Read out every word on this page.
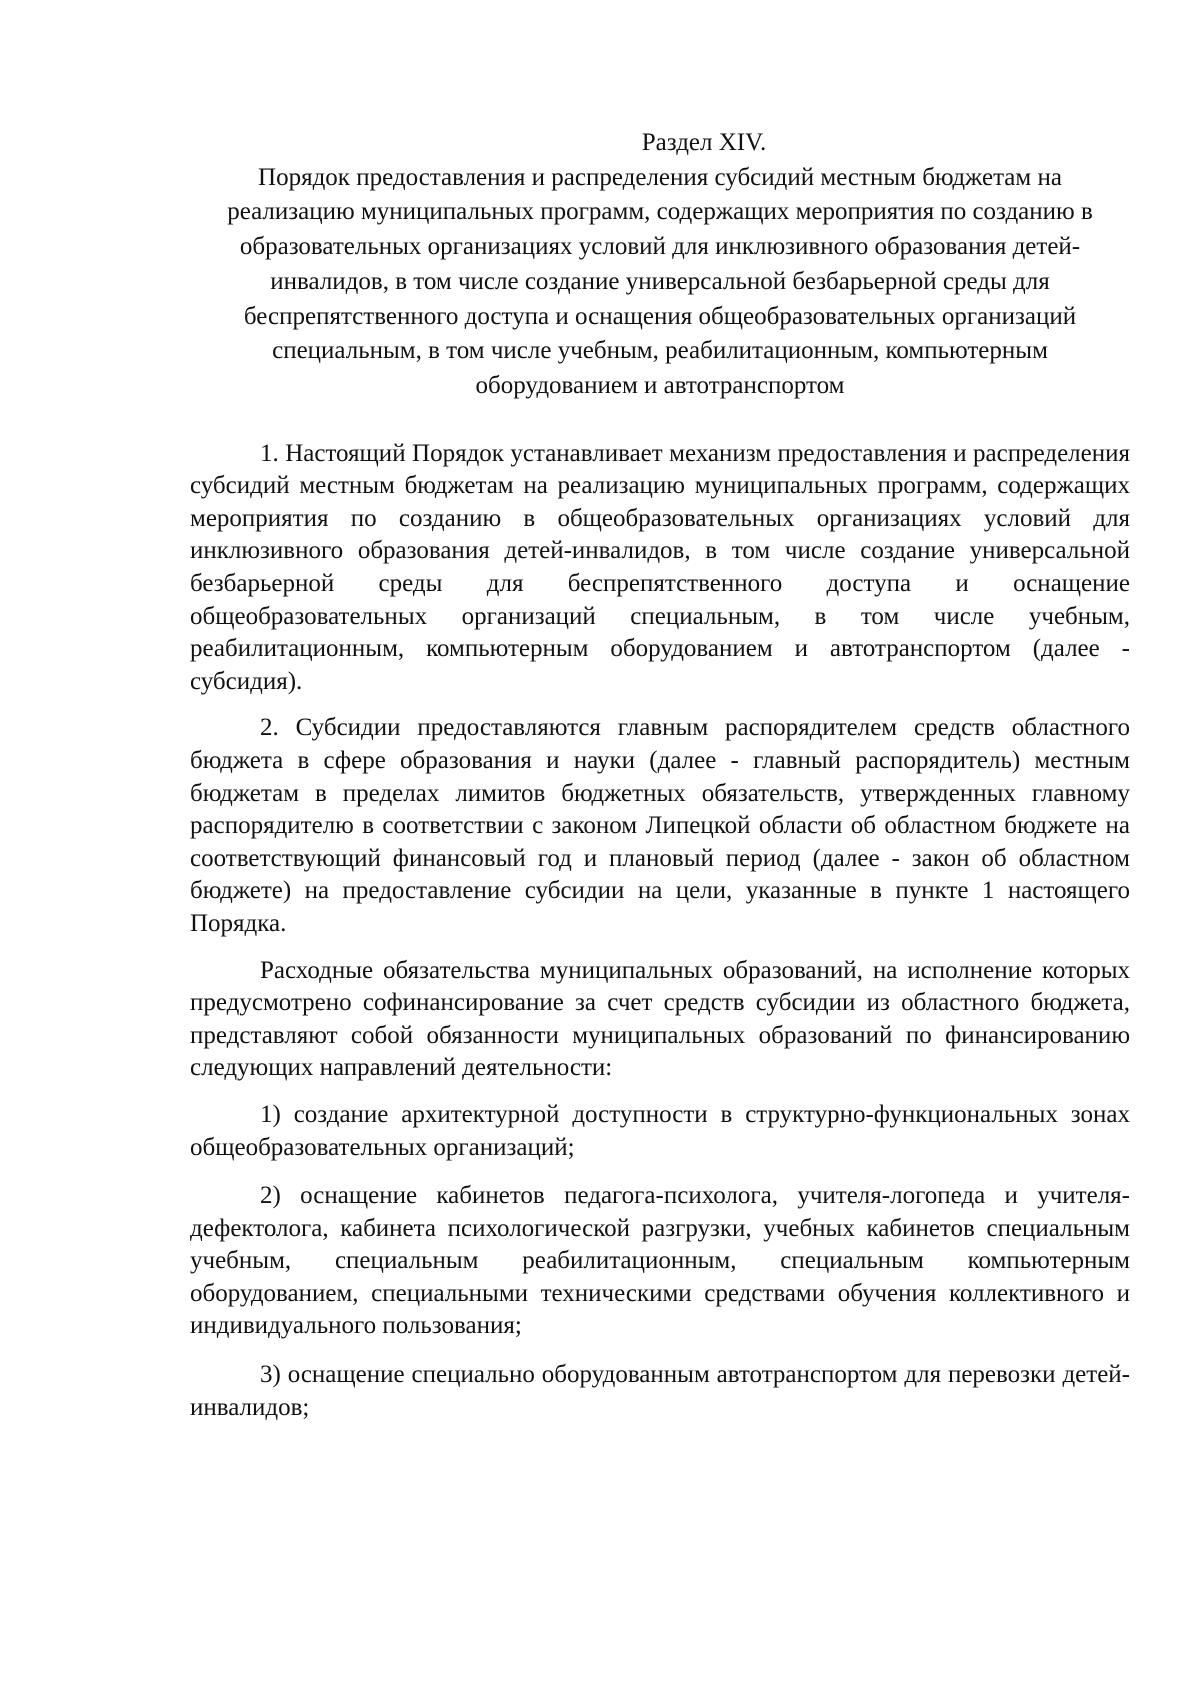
Раздел XIV.
Порядок предоставления и распределения субсидий местным бюджетам на реализацию муниципальных программ, содержащих мероприятия по созданию в образовательных организациях условий для инклюзивного образования детей-инвалидов, в том числе создание универсальной безбарьерной среды для беспрепятственного доступа и оснащения общеобразовательных организаций специальным, в том числе учебным, реабилитационным, компьютерным оборудованием и автотранспортом

1. Настоящий Порядок устанавливает механизм предоставления и распределения субсидий местным бюджетам на реализацию муниципальных программ, содержащих мероприятия по созданию в общеобразовательных организациях условий для инклюзивного образования детей-инвалидов, в том числе создание универсальной безбарьерной среды для беспрепятственного доступа и оснащение общеобразовательных организаций специальным, в том числе учебным, реабилитационным, компьютерным оборудованием и автотранспортом (далее - субсидия).

2. Субсидии предоставляются главным распорядителем средств областного бюджета в сфере образования и науки (далее - главный распорядитель) местным бюджетам в пределах лимитов бюджетных обязательств, утвержденных главному распорядителю в соответствии с законом Липецкой области об областном бюджете на соответствующий финансовый год и плановый период (далее - закон об областном бюджете) на предоставление субсидии на цели, указанные в пункте 1 настоящего Порядка.

Расходные обязательства муниципальных образований, на исполнение которых предусмотрено софинансирование за счет средств субсидии из областного бюджета, представляют собой обязанности муниципальных образований по финансированию следующих направлений деятельности:

1) создание архитектурной доступности в структурно-функциональных зонах общеобразовательных организаций;

2) оснащение кабинетов педагога-психолога, учителя-логопеда и учителя-дефектолога, кабинета психологической разгрузки, учебных кабинетов специальным учебным, специальным реабилитационным, специальным компьютерным оборудованием, специальными техническими средствами обучения коллективного и индивидуального пользования;

3) оснащение специально оборудованным автотранспортом для перевозки детей-инвалидов;
